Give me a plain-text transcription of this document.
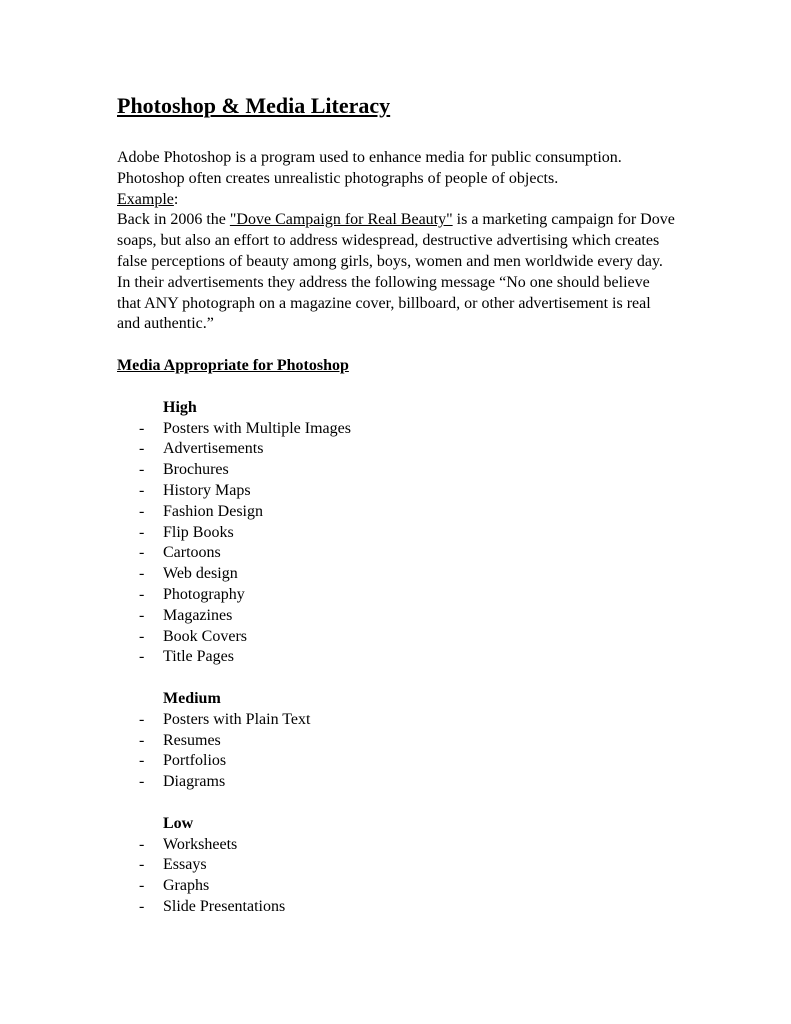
Photoshop & Media Literacy

Adobe Photoshop is a program used to enhance media for public consumption. Photoshop often creates unrealistic photographs of people of objects.

Example:

Back in 2006 the "Dove Campaign for Real Beauty" is a marketing campaign for Dove soaps, but also an effort to address widespread, destructive advertising which creates false perceptions of beauty among girls, boys, women and men worldwide every day. In their advertisements they address the following message “No one should believe that ANY photograph on a magazine cover, billboard, or other advertisement is real and authentic.”

Media Appropriate for Photoshop

High

- Posters with Multiple Images
- Advertisements
- Brochures
- History Maps
- Fashion Design
- Flip Books
- Cartoons
- Web design
- Photography
- Magazines
- Book Covers
- Title Pages

Medium

- Posters with Plain Text
- Resumes
- Portfolios
- Diagrams

Low

- Worksheets
- Essays
- Graphs
- Slide Presentations
